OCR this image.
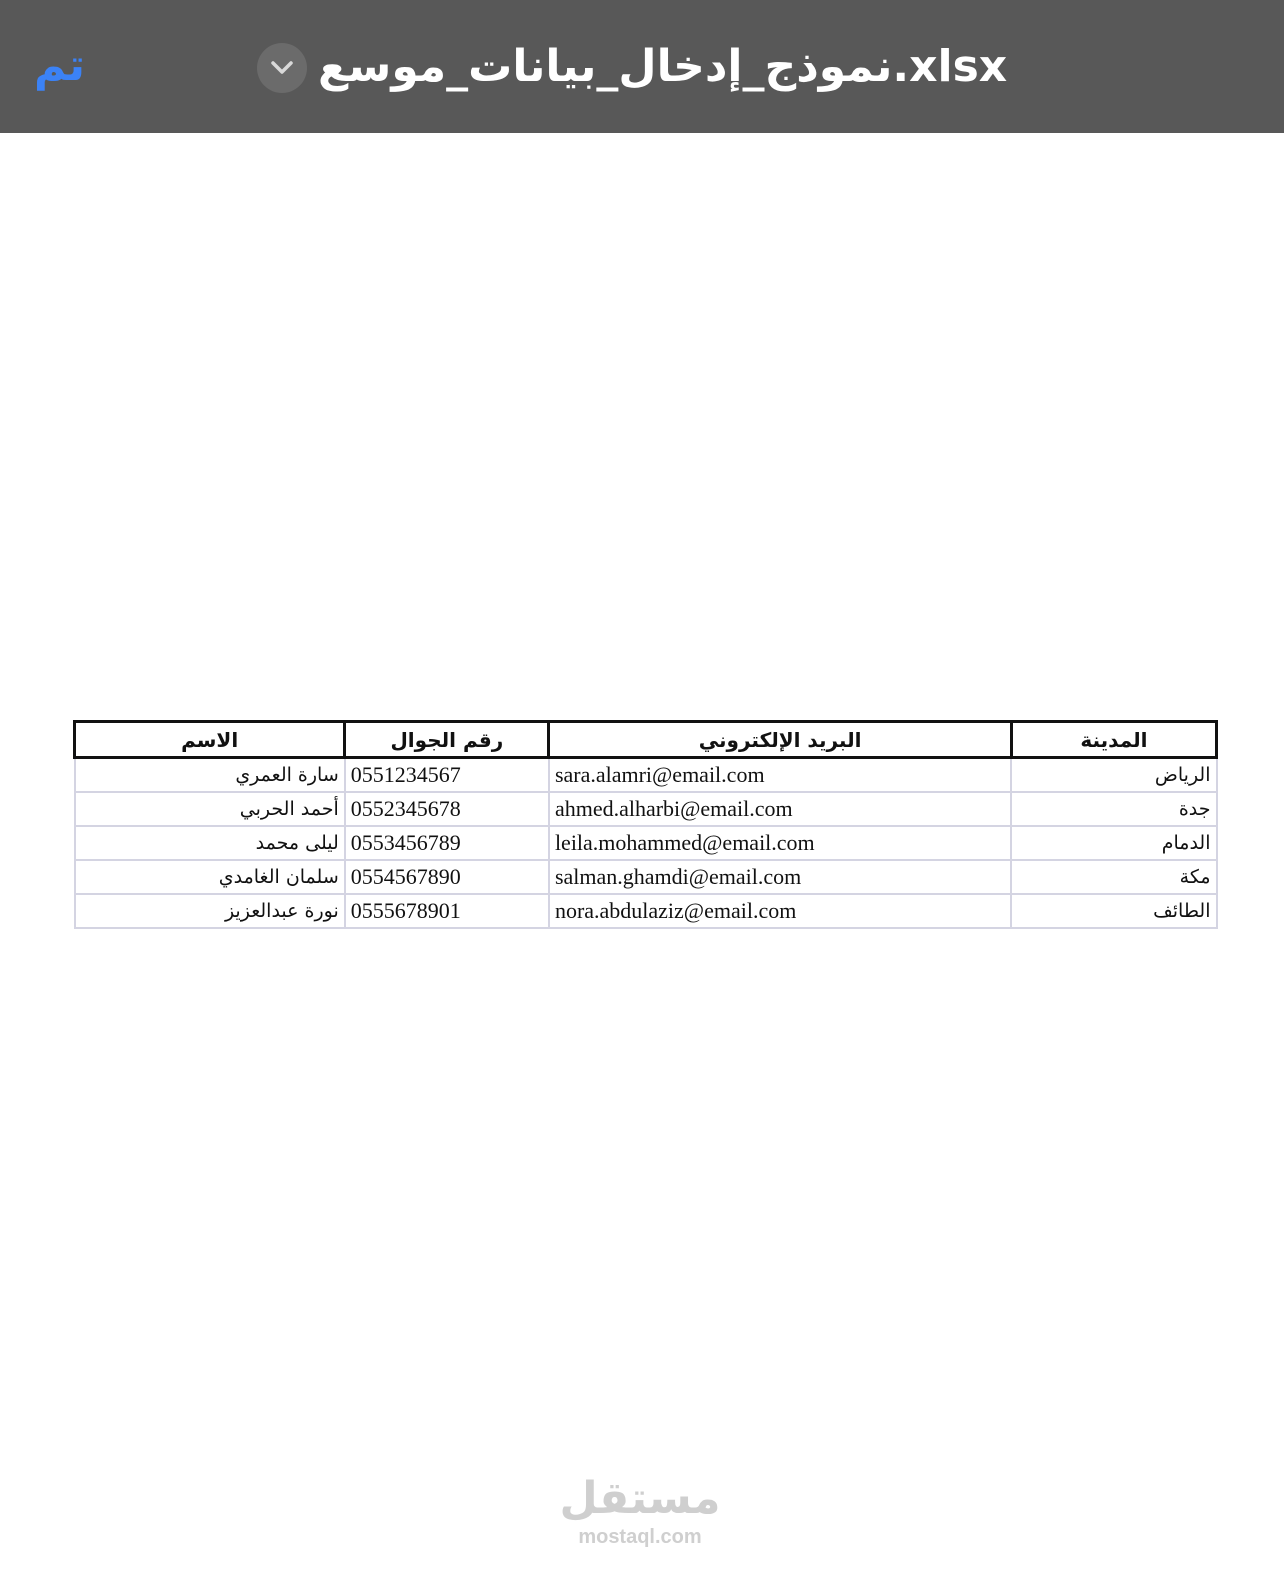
تم	نموذج_إدخال_بيانات_موسع.xlsx
المدينة	البريد الإلكتروني	رقم الجوال	الاسم
الرياض	sara.alamri@email.com	0551234567	سارة العمري
جدة	ahmed.alharbi@email.com	0552345678	أحمد الحربي
الدمام	leila.mohammed@email.com	0553456789	ليلى محمد
مكة	salman.ghamdi@email.com	0554567890	سلمان الغامدي
الطائف	nora.abdulaziz@email.com	0555678901	نورة عبدالعزيز
مستقل
mostaql.com
